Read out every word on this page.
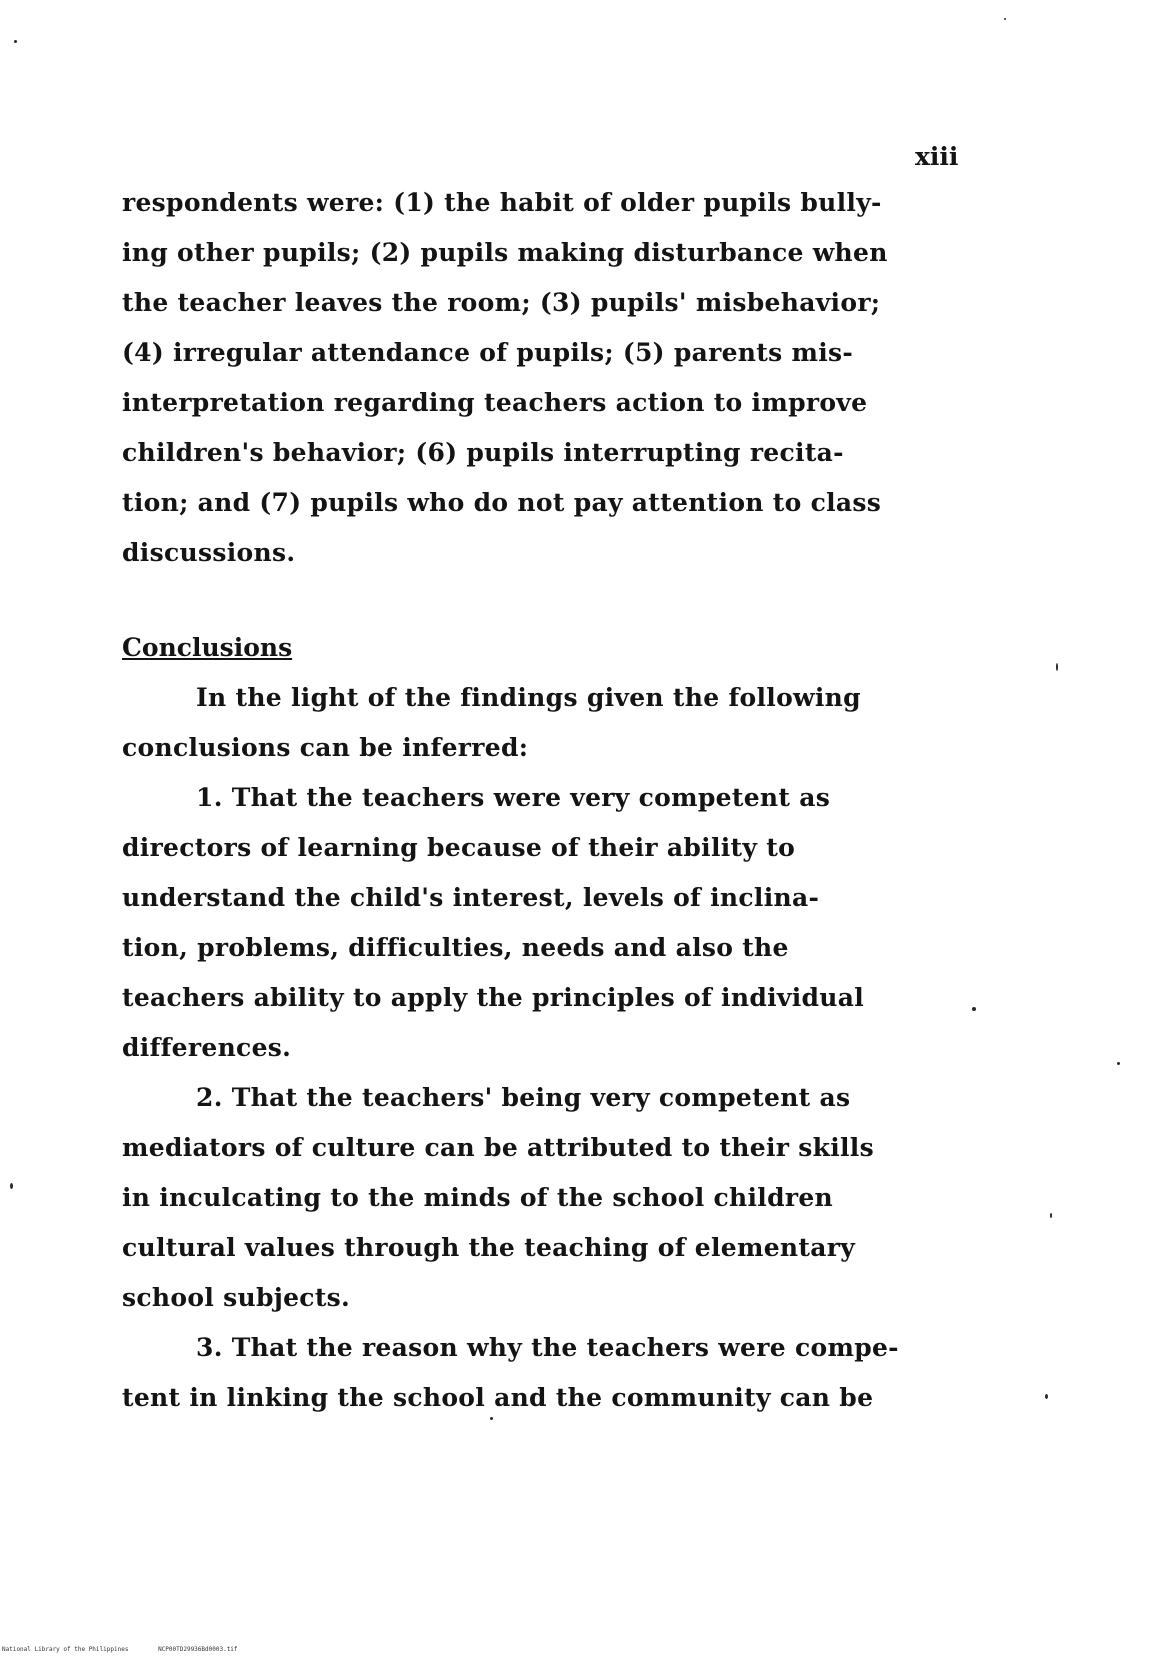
xiii
respondents were: (1) the habit of older pupils bully-
ing other pupils; (2) pupils making disturbance when
the teacher leaves the room; (3) pupils' misbehavior;
(4) irregular attendance of pupils; (5) parents mis-
interpretation regarding teachers action to improve
children's behavior; (6) pupils interrupting recita-
tion; and (7) pupils who do not pay attention to class
discussions.
Conclusions
In the light of the findings given the following
conclusions can be inferred:
1. That the teachers were very competent as
directors of learning because of their ability to
understand the child's interest, levels of inclina-
tion, problems, difficulties, needs and also the
teachers ability to apply the principles of individual
differences.
2. That the teachers' being very competent as
mediators of culture can be attributed to their skills
in inculcating to the minds of the school children
cultural values through the teaching of elementary
school subjects.
3. That the reason why the teachers were compe-
tent in linking the school and the community can be
National Library of the Philippines	NCP00TD29936Bd0003.tif
